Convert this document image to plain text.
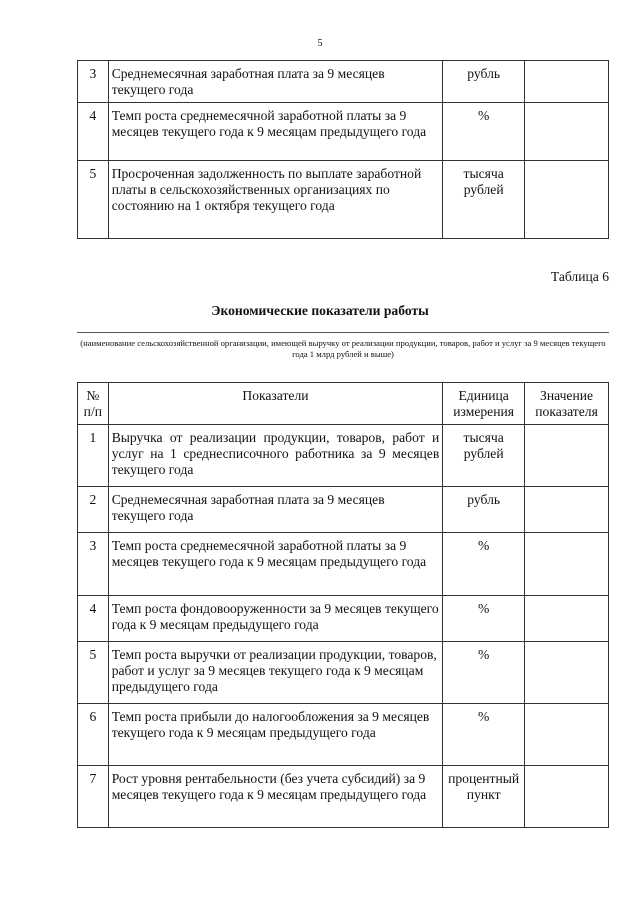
5
3	Среднемесячная заработная плата за 9 месяцев текущего года	рубль	
4	Темп роста среднемесячной заработной платы за 9 месяцев текущего года к 9 месяцам предыдущего года	%	
5	Просроченная задолженность по выплате заработной платы в сельскохозяйственных организациях по состоянию на 1 октября текущего года	тысяча рублей	
Таблица 6
Экономические показатели работы
(наименование сельскохозяйственной организации, имеющей выручку от реализации продукции, товаров, работ и услуг за 9 месяцев текущего года 1 млрд рублей и выше)
№ п/п	Показатели	Единица измерения	Значение показателя
1	Выручка от реализации продукции, товаров, работ и услуг на 1 среднесписочного работника за 9 месяцев текущего года	тысяча рублей	
2	Среднемесячная заработная плата за 9 месяцев текущего года	рубль	
3	Темп роста среднемесячной заработной платы за 9 месяцев текущего года к 9 месяцам предыдущего года	%	
4	Темп роста фондовооруженности за 9 месяцев текущего года к 9 месяцам предыдущего года	%	
5	Темп роста выручки от реализации продукции, товаров, работ и услуг за 9 месяцев текущего года к 9 месяцам предыдущего года	%	
6	Темп роста прибыли до налогообложения за 9 месяцев текущего года к 9 месяцам предыдущего года	%	
7	Рост уровня рентабельности (без учета субсидий) за 9 месяцев текущего года к 9 месяцам предыдущего года	процентный пункт	
